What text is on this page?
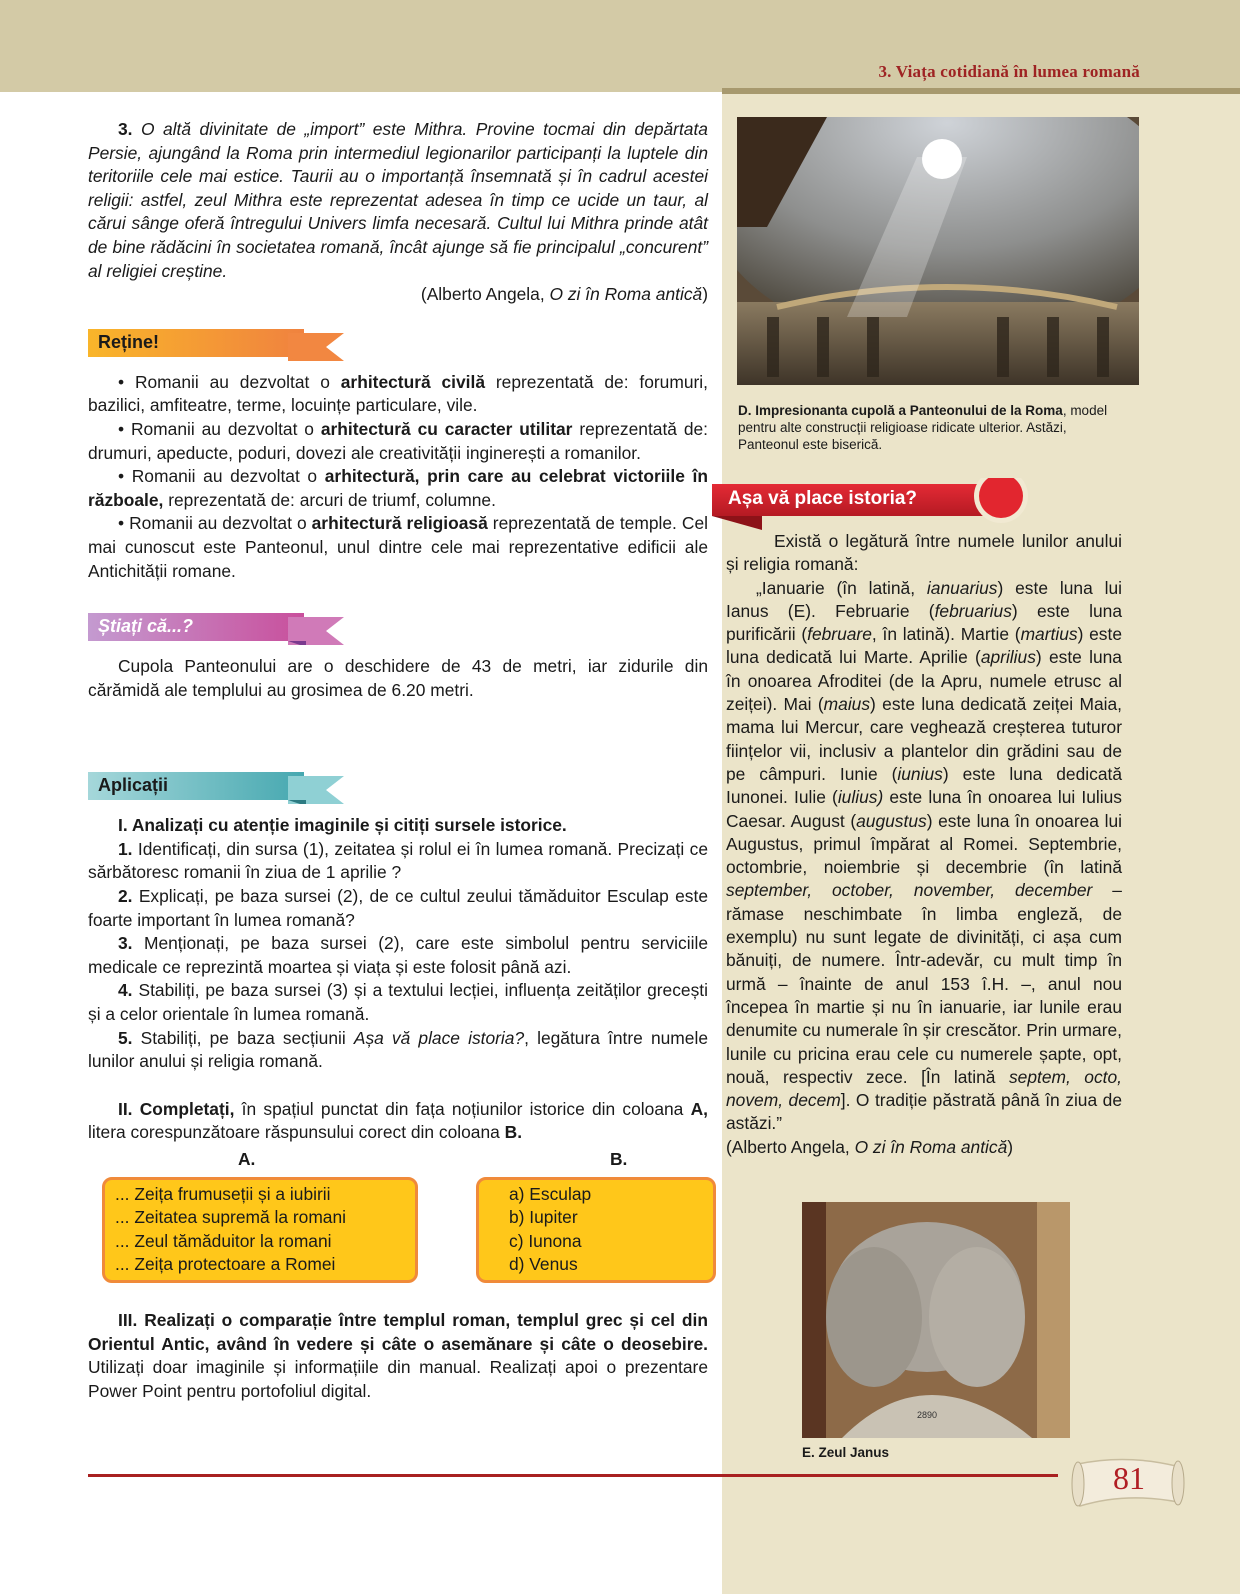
3. Viața cotidiană în lumea romană

3. O altă divinitate de „import” este Mithra. Provine tocmai din depărtata Persie, ajungând la Roma prin intermediul legionarilor participanți la luptele din teritoriile cele mai estice. Taurii au o importanță însemnată și în cadrul acestei religii: astfel, zeul Mithra este reprezentat adesea în timp ce ucide un taur, al cărui sânge oferă întregului Univers limfa necesară. Cultul lui Mithra prinde atât de bine rădăcini în societatea romană, încât ajunge să fie principalul „concurent” al religiei creștine.

(Alberto Angela, O zi în Roma antică)

Reține!

• Romanii au dezvoltat o arhitectură civilă reprezentată de: forumuri, bazilici, amfiteatre, terme, locuințe particulare, vile.

• Romanii au dezvoltat o arhitectură cu caracter utilitar reprezentată de: drumuri, apeducte, poduri, dovezi ale creativității inginerești a romanilor.

• Romanii au dezvoltat o arhitectură, prin care au celebrat victoriile în războale, reprezentată de: arcuri de triumf, columne.

• Romanii au dezvoltat o arhitectură religioasă reprezentată de temple. Cel mai cunoscut este Panteonul, unul dintre cele mai reprezentative edificii ale Antichității romane.

Știați că...?

Cupola Panteonului are o deschidere de 43 de metri, iar zidurile din cărămidă ale templului au grosimea de 6.20 metri.

Aplicații

I. Analizați cu atenție imaginile și citiți sursele istorice.

1. Identificați, din sursa (1), zeitatea și rolul ei în lumea romană. Precizați ce sărbătoresc romanii în ziua de 1 aprilie ?

2. Explicați, pe baza sursei (2), de ce cultul zeului tămăduitor Esculap este foarte important în lumea romană?

3. Menționați, pe baza sursei (2), care este simbolul pentru serviciile medicale ce reprezintă moartea și viața și este folosit până azi.

4. Stabiliți, pe baza sursei (3) și a textului lecției, influența zeităților grecești și a celor orientale în lumea romană.

5. Stabiliți, pe baza secțiunii Așa vă place istoria?, legătura între numele lunilor anului și religia romană.

II. Completați, în spațiul punctat din fața noțiunilor istorice din coloana A, litera corespunzătoare răspunsului corect din coloana B.

A.	B.
... Zeița frumuseții și a iubirii
... Zeitatea supremă la romani
... Zeul tămăduitor la romani
... Zeița protectoare a Romei
a) Esculap
b) Iupiter
c) Iunona
d) Venus

III. Realizați o comparație între templul roman, templul grec și cel din Orientul Antic, având în vedere și câte o asemănare și câte o deosebire. Utilizați doar imaginile și informațiile din manual. Realizați apoi o prezentare Power Point pentru portofoliul digital.

D. Impresionanta cupolă a Panteonului de la Roma, model pentru alte construcții religioase ridicate ulterior. Astăzi, Panteonul este biserică.
Așa vă place istoria?

Există o legătură între numele lunilor anului și religia romană:

„Ianuarie (în latină, ianuarius) este luna lui Ianus (E). Februarie (februarius) este luna purificării (februare, în latină). Martie (martius) este luna dedicată lui Marte. Aprilie (aprilius) este luna în onoarea Afroditei (de la Apru, numele etrusc al zeiței). Mai (maius) este luna dedicată zeiței Maia, mama lui Mercur, care veghează creșterea tuturor ființelor vii, inclusiv a plantelor din grădini sau de pe câmpuri. Iunie (iunius) este luna dedicată Iunonei. Iulie (iulius) este luna în onoarea lui Iulius Caesar. August (augustus) este luna în onoarea lui Augustus, primul împărat al Romei. Septembrie, octombrie, noiembrie și decembrie (în latină september, october, november, december – rămase neschimbate în limba engleză, de exemplu) nu sunt legate de divinități, ci așa cum bănuiți, de numere. Într-adevăr, cu mult timp în urmă – înainte de anul 153 î.H. –, anul nou începea în martie și nu în ianuarie, iar lunile erau denumite cu numerale în șir crescător. Prin urmare, lunile cu pricina erau cele cu numerele șapte, opt, nouă, respectiv zece. [În latină septem, octo, novem, decem]. O tradiție păstrată până în ziua de astăzi.”

(Alberto Angela, O zi în Roma antică)

2890
E. Zeul Janus
81
